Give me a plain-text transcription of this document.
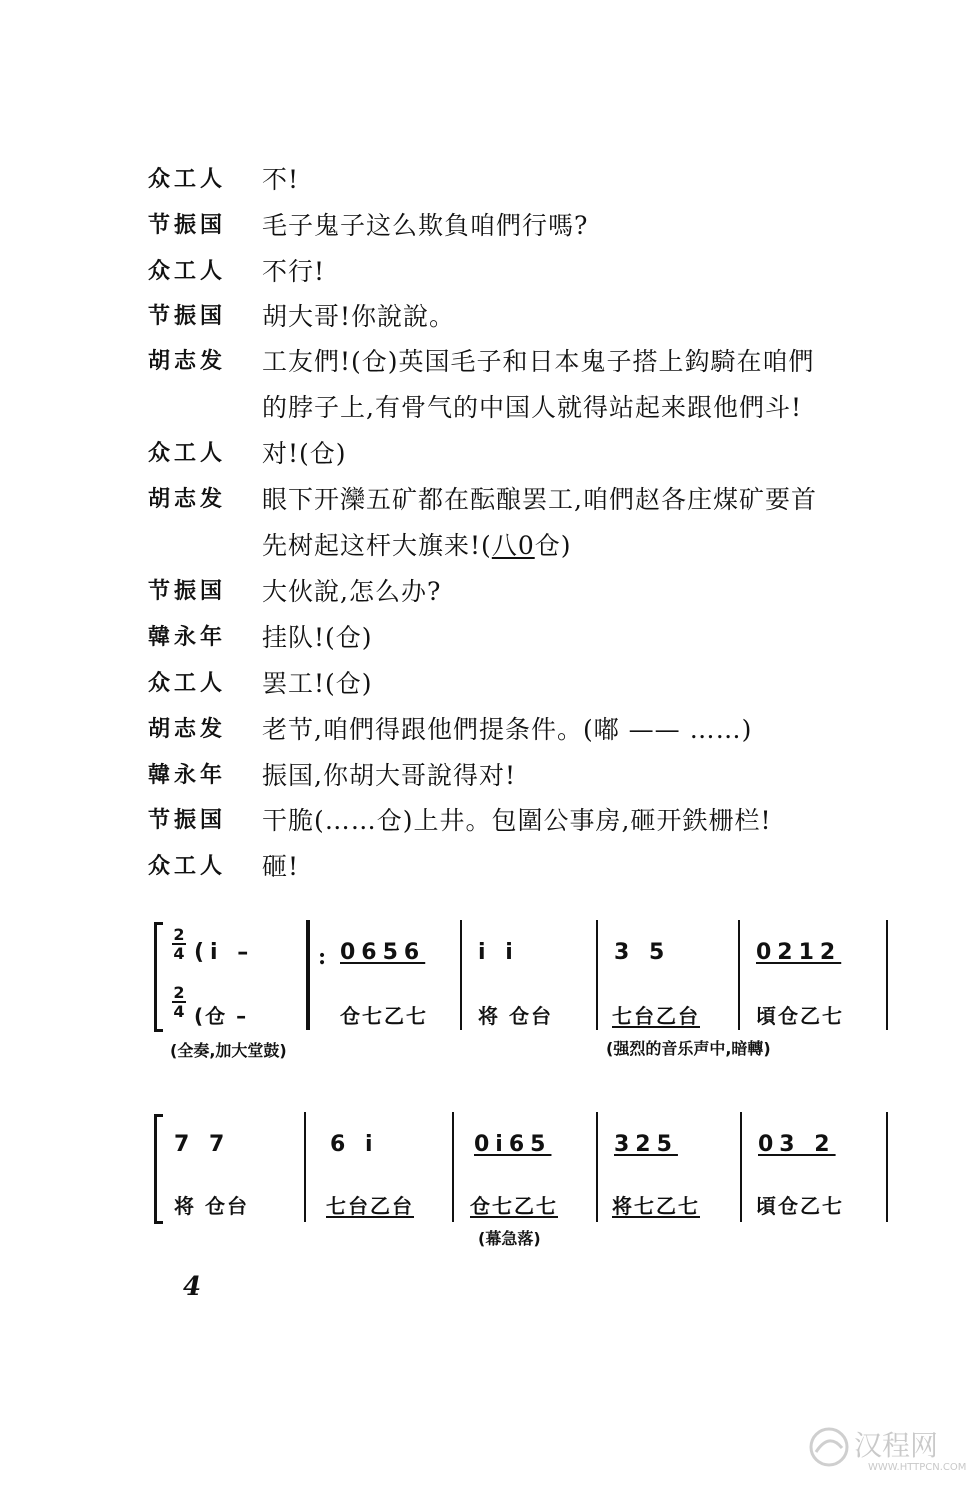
众工人 不!
节振国 毛子鬼子这么欺負咱們行嗎?
众工人 不行!
节振国 胡大哥!你說說。
胡志发 工友們!(仓)英国毛子和日本鬼子搭上鈎騎在咱們
的脖子上,有骨气的中国人就得站起来跟他們斗!
众工人 对!(仓)
胡志发 眼下开灤五矿都在酝酿罢工,咱們赵各庄煤矿要首
先树起这杆大旗来!(八0仓)
节振国 大伙說,怎么办?
韓永年 挂队!(仓)
众工人 罢工!(仓)
胡志发 老节,咱們得跟他們提条件。(嘟 —— ……)
韓永年 振国,你胡大哥說得对!
节振国 干脆(……仓)上井。包圍公事房,砸开鉄栅栏!
众工人 砸!
2
4
2
4
(i –
(仓 –
: 0656
仓七乙七
i i
将 仓台
3 5
七台乙台
0212
頃仓乙七
(全奏,加大堂鼓)	(强烈的音乐声中,暗轉)
7 7
将 仓台
6 i
七台乙台
0i65
仓七乙七
325
将七乙七
03 2
頃仓乙七
(幕急落)
4
汉程网
WWW.HTTPCN.COM
